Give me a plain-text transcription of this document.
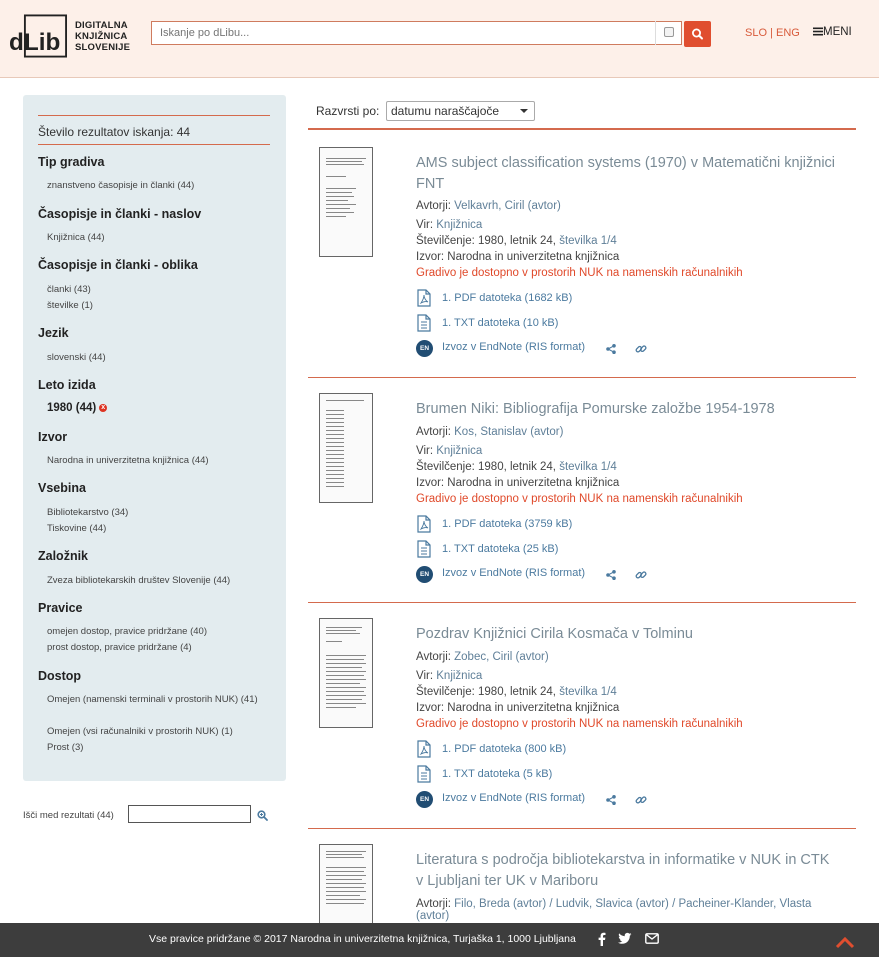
dLib
DIGITALNA
KNJIŽNICA
SLOVENIJE
Iskanje po dLibu...
SLO | ENG	MENI
Število rezultatov iskanja: 44
Tip gradiva
znanstveno časopisje in članki (44)
Časopisje in članki - naslov
Knjižnica (44)
Časopisje in članki - oblika
članki (43)
številke (1)
Jezik
slovenski (44)
Leto izida
1980 (44) x
Izvor
Narodna in univerzitetna knjižnica (44)
Vsebina
Bibliotekarstvo (34)
Tiskovine (44)
Založnik
Zveza bibliotekarskih društev Slovenije (44)
Pravice
omejen dostop, pravice pridržane (40)
prost dostop, pravice pridržane (4)
Dostop
Omejen (namenski terminali v prostorih NUK) (41)
Omejen (vsi računalniki v prostorih NUK) (1)
Prost (3)
Išči med rezultati (44)
Razvrsti po: datumu naraščajoče
AMS subject classification systems (1970) v Matematični knjižnici FNT
Avtorji: Velkavrh, Ciril (avtor)
Vir: Knjižnica
Številčenje: 1980, letnik 24, številka 1/4
Izvor: Narodna in univerzitetna knjižnica
Gradivo je dostopno v prostorih NUK na namenskih računalnikih
1. PDF datoteka (1682 kB)
1. TXT datoteka (10 kB)
EN	Izvoz v EndNote (RIS format)
Brumen Niki: Bibliografija Pomurske založbe 1954-1978
Avtorji: Kos, Stanislav (avtor)
Vir: Knjižnica
Številčenje: 1980, letnik 24, številka 1/4
Izvor: Narodna in univerzitetna knjižnica
Gradivo je dostopno v prostorih NUK na namenskih računalnikih
1. PDF datoteka (3759 kB)
1. TXT datoteka (25 kB)
EN	Izvoz v EndNote (RIS format)
Pozdrav Knjižnici Cirila Kosmača v Tolminu
Avtorji: Zobec, Ciril (avtor)
Vir: Knjižnica
Številčenje: 1980, letnik 24, številka 1/4
Izvor: Narodna in univerzitetna knjižnica
Gradivo je dostopno v prostorih NUK na namenskih računalnikih
1. PDF datoteka (800 kB)
1. TXT datoteka (5 kB)
EN	Izvoz v EndNote (RIS format)
Literatura s področja bibliotekarstva in informatike v NUK in CTK v Ljubljani ter UK v Mariboru
Avtorji: Filo, Breda (avtor) / Ludvik, Slavica (avtor) / Pacheiner-Klander, Vlasta (avtor)
Vse pravice pridržane © 2017 Narodna in univerzitetna knjižnica, Turjaška 1, 1000 Ljubljana
